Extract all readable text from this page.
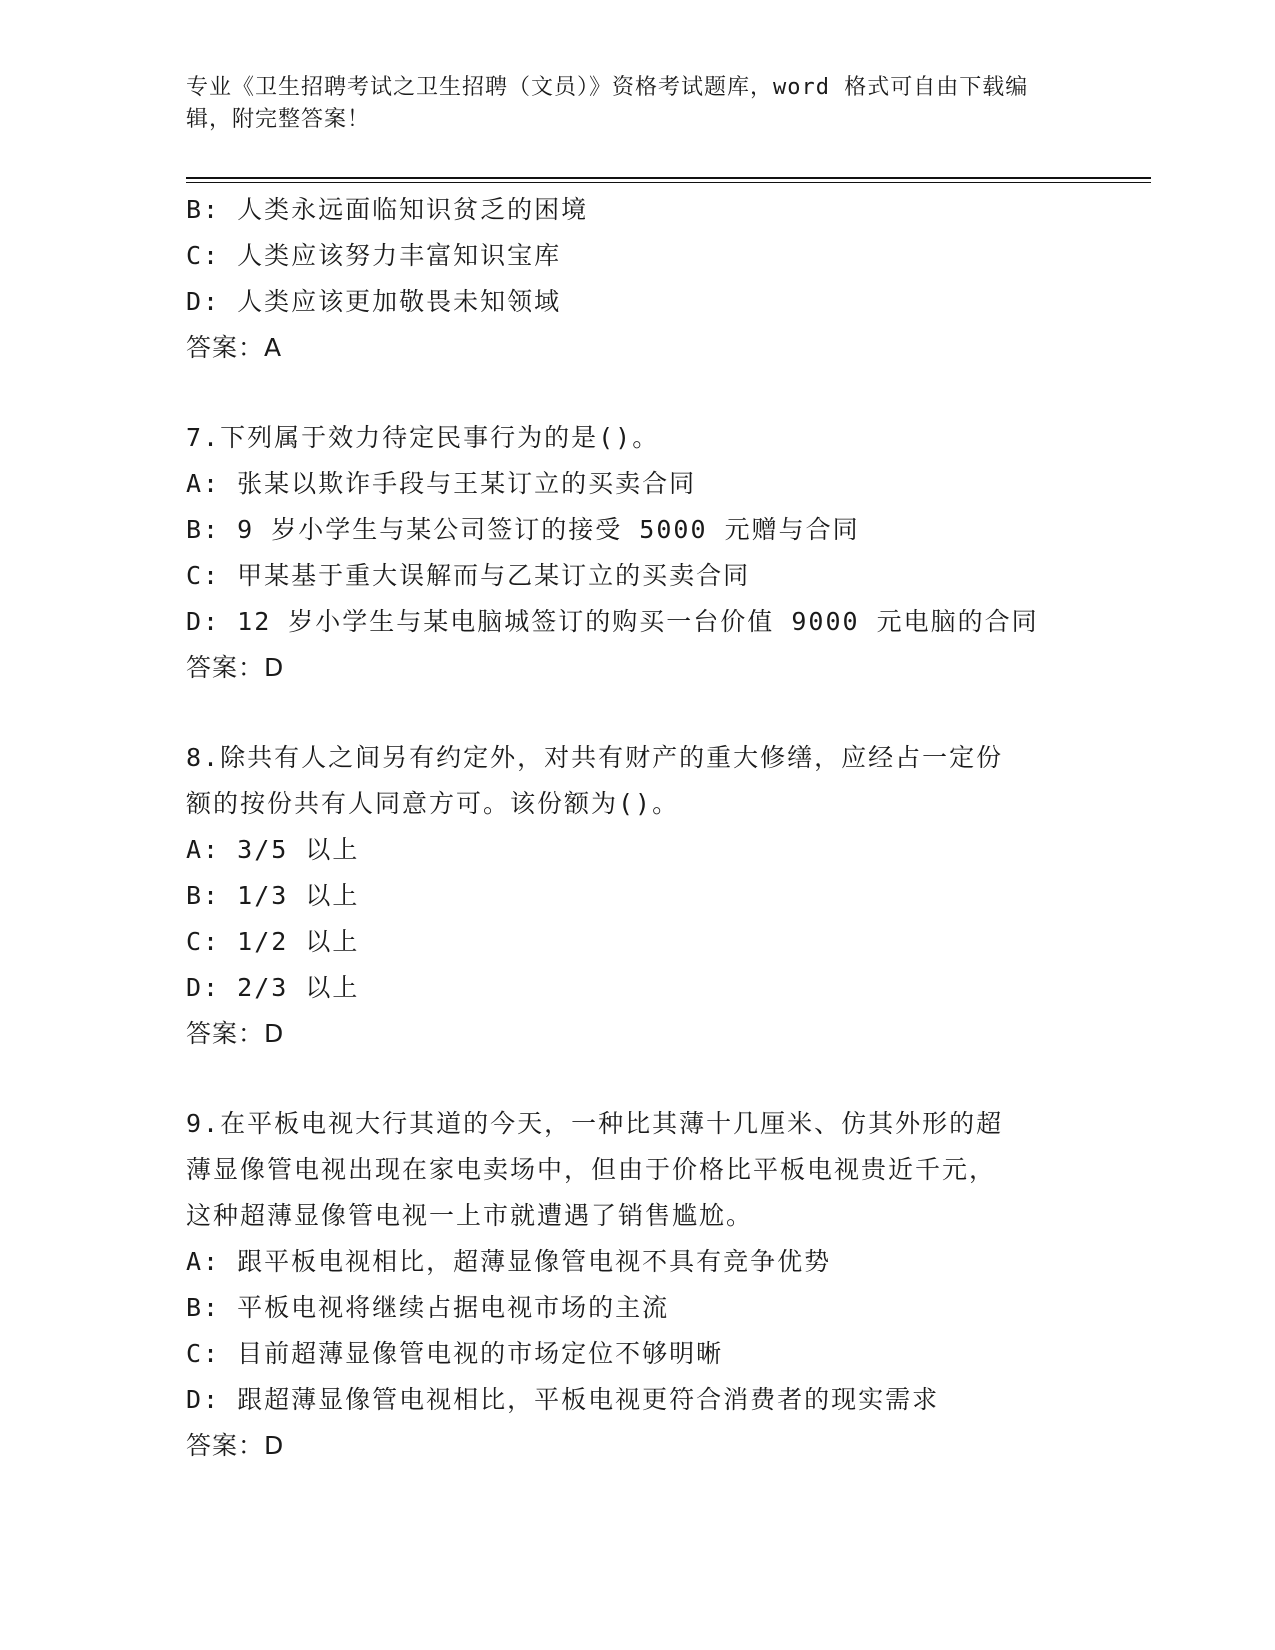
专业《卫生招聘考试之卫生招聘（文员）》资格考试题库，word 格式可自由下载编辑，附完整答案！
B: 人类永远面临知识贫乏的困境
C: 人类应该努力丰富知识宝库
D: 人类应该更加敬畏未知领域
答案：A
7.下列属于效力待定民事行为的是()。
A: 张某以欺诈手段与王某订立的买卖合同
B: 9 岁小学生与某公司签订的接受 5000 元赠与合同
C: 甲某基于重大误解而与乙某订立的买卖合同
D: 12 岁小学生与某电脑城签订的购买一台价值 9000 元电脑的合同
答案：D
8.除共有人之间另有约定外，对共有财产的重大修缮，应经占一定份
额的按份共有人同意方可。该份额为()。
A: 3/5 以上
B: 1/3 以上
C: 1/2 以上
D: 2/3 以上
答案：D
9.在平板电视大行其道的今天，一种比其薄十几厘米、仿其外形的超
薄显像管电视出现在家电卖场中，但由于价格比平板电视贵近千元，
这种超薄显像管电视一上市就遭遇了销售尴尬。
A: 跟平板电视相比，超薄显像管电视不具有竞争优势
B: 平板电视将继续占据电视市场的主流
C: 目前超薄显像管电视的市场定位不够明晰
D: 跟超薄显像管电视相比，平板电视更符合消费者的现实需求
答案：D
